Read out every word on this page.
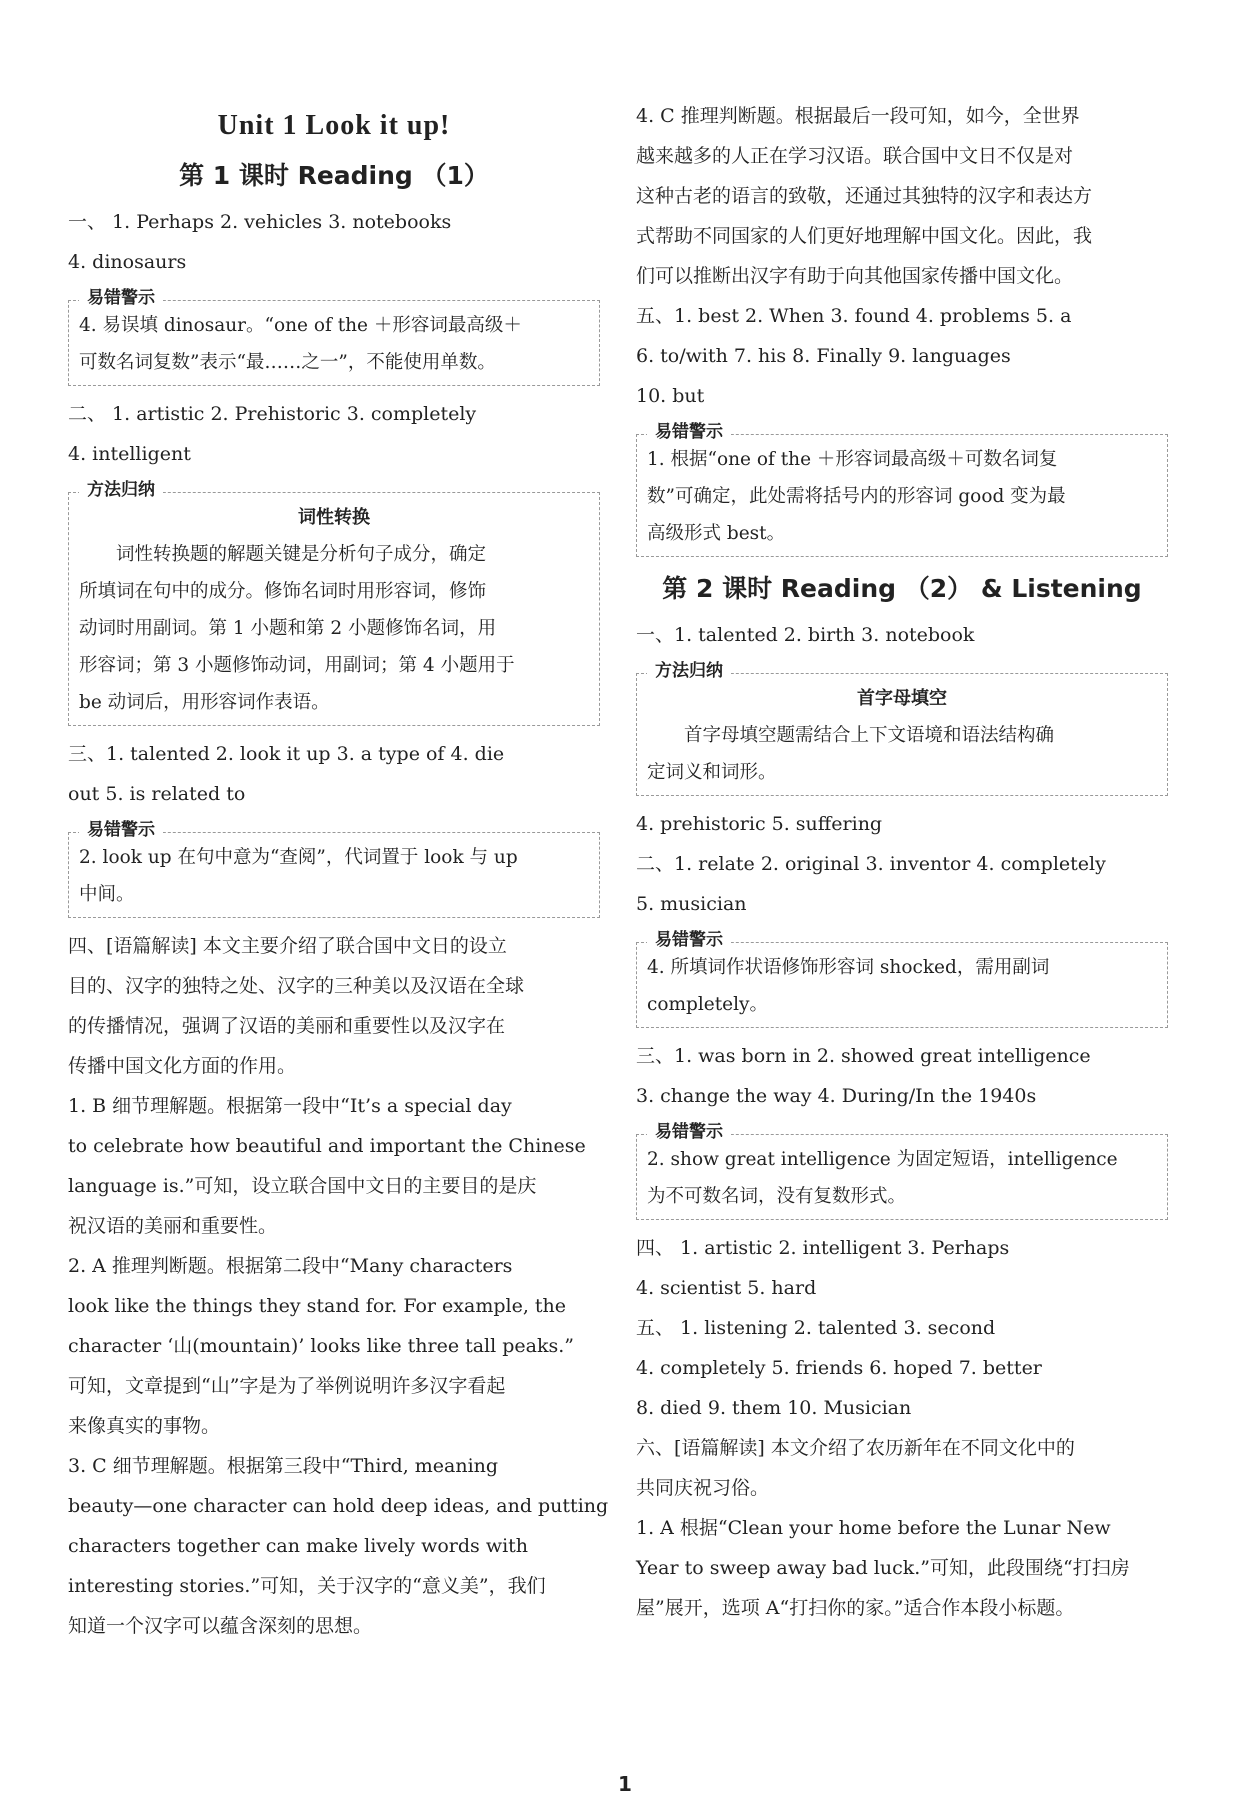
Unit 1 Look it up!
第 1 课时 Reading （1）
一、 1. Perhaps 2. vehicles 3. notebooks
4. dinosaurs
易错警示
4. 易误填 dinosaur。“one of the ＋形容词最高级＋
可数名词复数”表示“最……之一”，不能使用单数。
二、 1. artistic 2. Prehistoric 3. completely
4. intelligent
方法归纳
词性转换
词性转换题的解题关键是分析句子成分，确定
所填词在句中的成分。修饰名词时用形容词，修饰
动词时用副词。第 1 小题和第 2 小题修饰名词，用
形容词；第 3 小题修饰动词，用副词；第 4 小题用于
be 动词后，用形容词作表语。
三、1. talented 2. look it up 3. a type of 4. die
out 5. is related to
易错警示
2. look up 在句中意为“查阅”，代词置于 look 与 up
中间。
四、[语篇解读] 本文主要介绍了联合国中文日的设立
目的、汉字的独特之处、汉字的三种美以及汉语在全球
的传播情况，强调了汉语的美丽和重要性以及汉字在
传播中国文化方面的作用。
1. B 细节理解题。根据第一段中“It’s a special day
to celebrate how beautiful and important the Chinese
language is.”可知，设立联合国中文日的主要目的是庆
祝汉语的美丽和重要性。
2. A 推理判断题。根据第二段中“Many characters
look like the things they stand for. For example, the
character ‘山(mountain)’ looks like three tall peaks.”
可知，文章提到“山”字是为了举例说明许多汉字看起
来像真实的事物。
3. C 细节理解题。根据第三段中“Third, meaning
beauty—one character can hold deep ideas, and putting
characters together can make lively words with
interesting stories.”可知，关于汉字的“意义美”，我们
知道一个汉字可以蕴含深刻的思想。
4. C 推理判断题。根据最后一段可知，如今，全世界
越来越多的人正在学习汉语。联合国中文日不仅是对
这种古老的语言的致敬，还通过其独特的汉字和表达方
式帮助不同国家的人们更好地理解中国文化。因此，我
们可以推断出汉字有助于向其他国家传播中国文化。
五、1. best 2. When 3. found 4. problems 5. a
6. to/with 7. his 8. Finally 9. languages
10. but
易错警示
1. 根据“one of the ＋形容词最高级＋可数名词复
数”可确定，此处需将括号内的形容词 good 变为最
高级形式 best。
第 2 课时 Reading （2） & Listening
一、1. talented 2. birth 3. notebook
方法归纳
首字母填空
首字母填空题需结合上下文语境和语法结构确
定词义和词形。
4. prehistoric 5. suffering
二、1. relate 2. original 3. inventor 4. completely
5. musician
易错警示
4. 所填词作状语修饰形容词 shocked，需用副词
completely。
三、1. was born in 2. showed great intelligence
3. change the way 4. During/In the 1940s
易错警示
2. show great intelligence 为固定短语，intelligence
为不可数名词，没有复数形式。
四、 1. artistic 2. intelligent 3. Perhaps
4. scientist 5. hard
五、 1. listening 2. talented 3. second
4. completely 5. friends 6. hoped 7. better
8. died 9. them 10. Musician
六、[语篇解读] 本文介绍了农历新年在不同文化中的
共同庆祝习俗。
1. A 根据“Clean your home before the Lunar New
Year to sweep away bad luck.”可知，此段围绕“打扫房
屋”展开，选项 A“打扫你的家。”适合作本段小标题。
1
